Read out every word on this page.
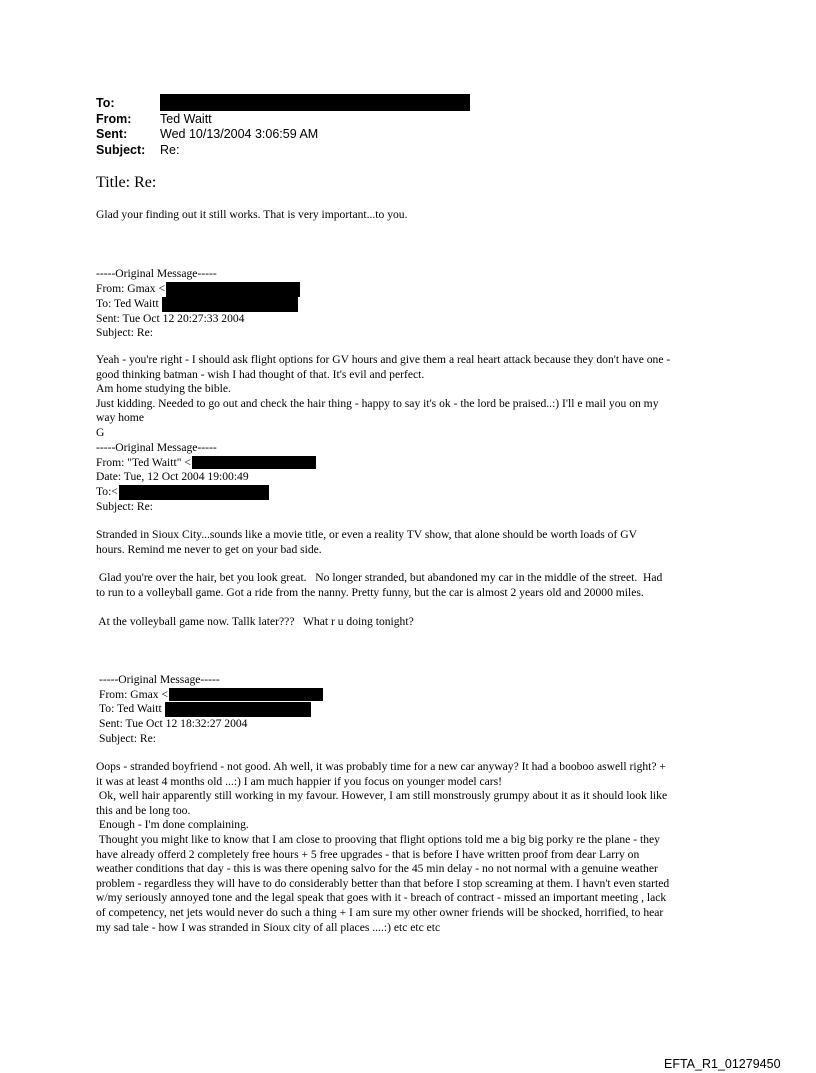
To:
From:	Ted Waitt
Sent:	Wed 10/13/2004 3:06:59 AM
Subject:	Re:
Title: Re:
Glad your finding out it still works. That is very important...to you.
-----Original Message-----
From: Gmax <
To: Ted Waitt
Sent: Tue Oct 12 20:27:33 2004
Subject: Re:
Yeah - you're right - I should ask flight options for GV hours and give them a real heart attack because they don't have one -
good thinking batman - wish I had thought of that. It's evil and perfect.
Am home studying the bible.
Just kidding. Needed to go out and check the hair thing - happy to say it's ok - the lord be praised..:) I'll e mail you on my
way home
G
-----Original Message-----
From: "Ted Waitt" <
Date: Tue, 12 Oct 2004 19:00:49
To:<
Subject: Re:
Stranded in Sioux City...sounds like a movie title, or even a reality TV show, that alone should be worth loads of GV
hours. Remind me never to get on your bad side.
Glad you're over the hair, bet you look great.   No longer stranded, but abandoned my car in the middle of the street.  Had
to run to a volleyball game. Got a ride from the nanny. Pretty funny, but the car is almost 2 years old and 20000 miles.
At the volleyball game now. Tallk later???   What r u doing tonight?
-----Original Message-----
From: Gmax <
To: Ted Waitt
Sent: Tue Oct 12 18:32:27 2004
Subject: Re:
Oops - stranded boyfriend - not good. Ah well, it was probably time for a new car anyway? It had a booboo aswell right? +
it was at least 4 months old ...:) I am much happier if you focus on younger model cars!
Ok, well hair apparently still working in my favour. However, I am still monstrously grumpy about it as it should look like
this and be long too.
Enough - I'm done complaining.
Thought you might like to know that I am close to prooving that flight options told me a big big porky re the plane - they
have already offerd 2 completely free hours + 5 free upgrades - that is before I have written proof from dear Larry on
weather conditions that day - this is was there opening salvo for the 45 min delay - no not normal with a genuine weather
problem - regardless they will have to do considerably better than that before I stop screaming at them. I havn't even started
w/my seriously annoyed tone and the legal speak that goes with it - breach of contract - missed an important meeting , lack
of competency, net jets would never do such a thing + I am sure my other owner friends will be shocked, horrified, to hear
my sad tale - how I was stranded in Sioux city of all places ....:) etc etc etc
EFTA_R1_01279450
